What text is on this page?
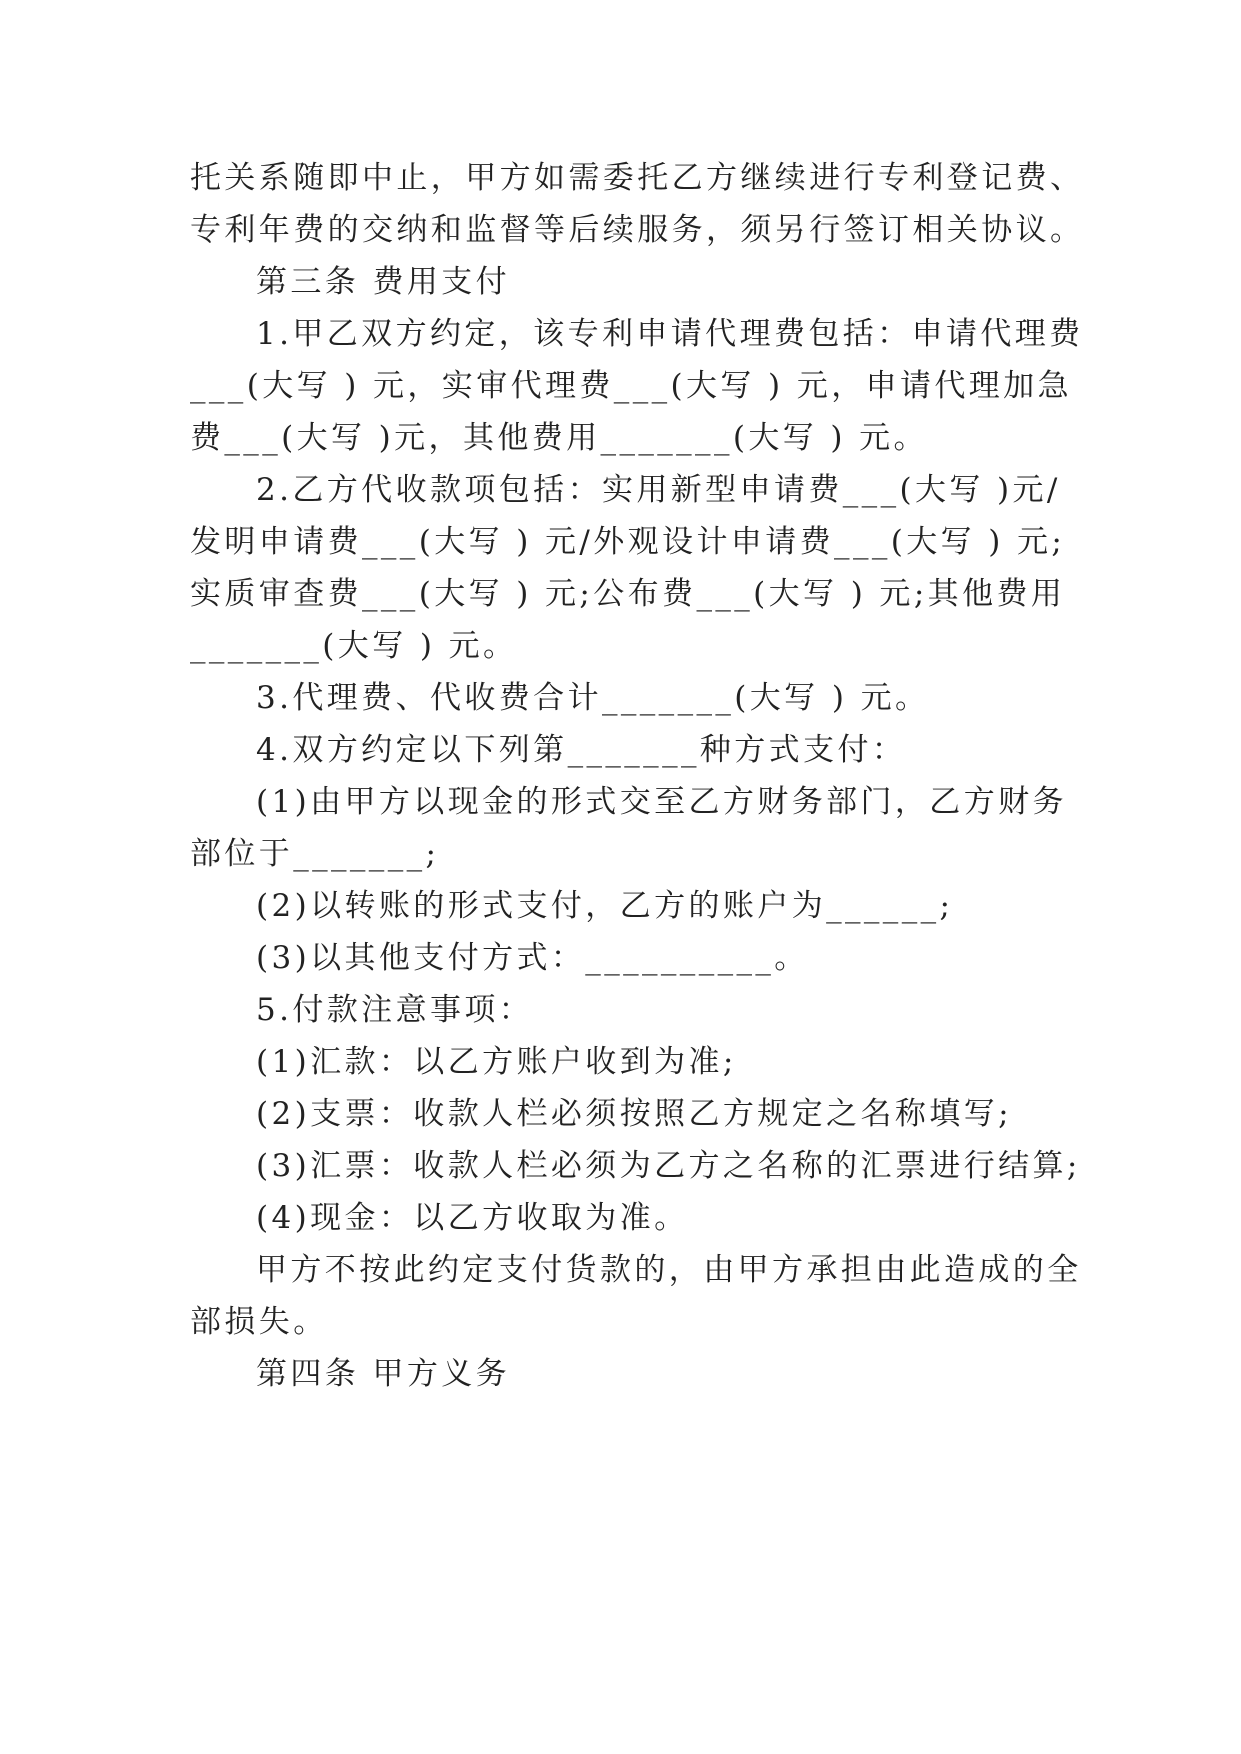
托关系随即中止，甲方如需委托乙方继续进行专利登记费、
专利年费的交纳和监督等后续服务，须另行签订相关协议。
第三条 费用支付
1.甲乙双方约定，该专利申请代理费包括：申请代理费
___(大写 ) 元，实审代理费___(大写 ) 元，申请代理加急
费___(大写 )元，其他费用_______(大写 ) 元。
2.乙方代收款项包括：实用新型申请费___(大写 )元/
发明申请费___(大写 ) 元/外观设计申请费___(大写 ) 元;
实质审查费___(大写 ) 元;公布费___(大写 ) 元;其他费用
_______(大写 ) 元。
3.代理费、代收费合计_______(大写 ) 元。
4.双方约定以下列第_______种方式支付：
(1)由甲方以现金的形式交至乙方财务部门，乙方财务
部位于_______;
(2)以转账的形式支付，乙方的账户为______;
(3)以其他支付方式：__________。
5.付款注意事项：
(1)汇款：以乙方账户收到为准;
(2)支票：收款人栏必须按照乙方规定之名称填写;
(3)汇票：收款人栏必须为乙方之名称的汇票进行结算;
(4)现金：以乙方收取为准。
甲方不按此约定支付货款的，由甲方承担由此造成的全
部损失。
第四条 甲方义务
